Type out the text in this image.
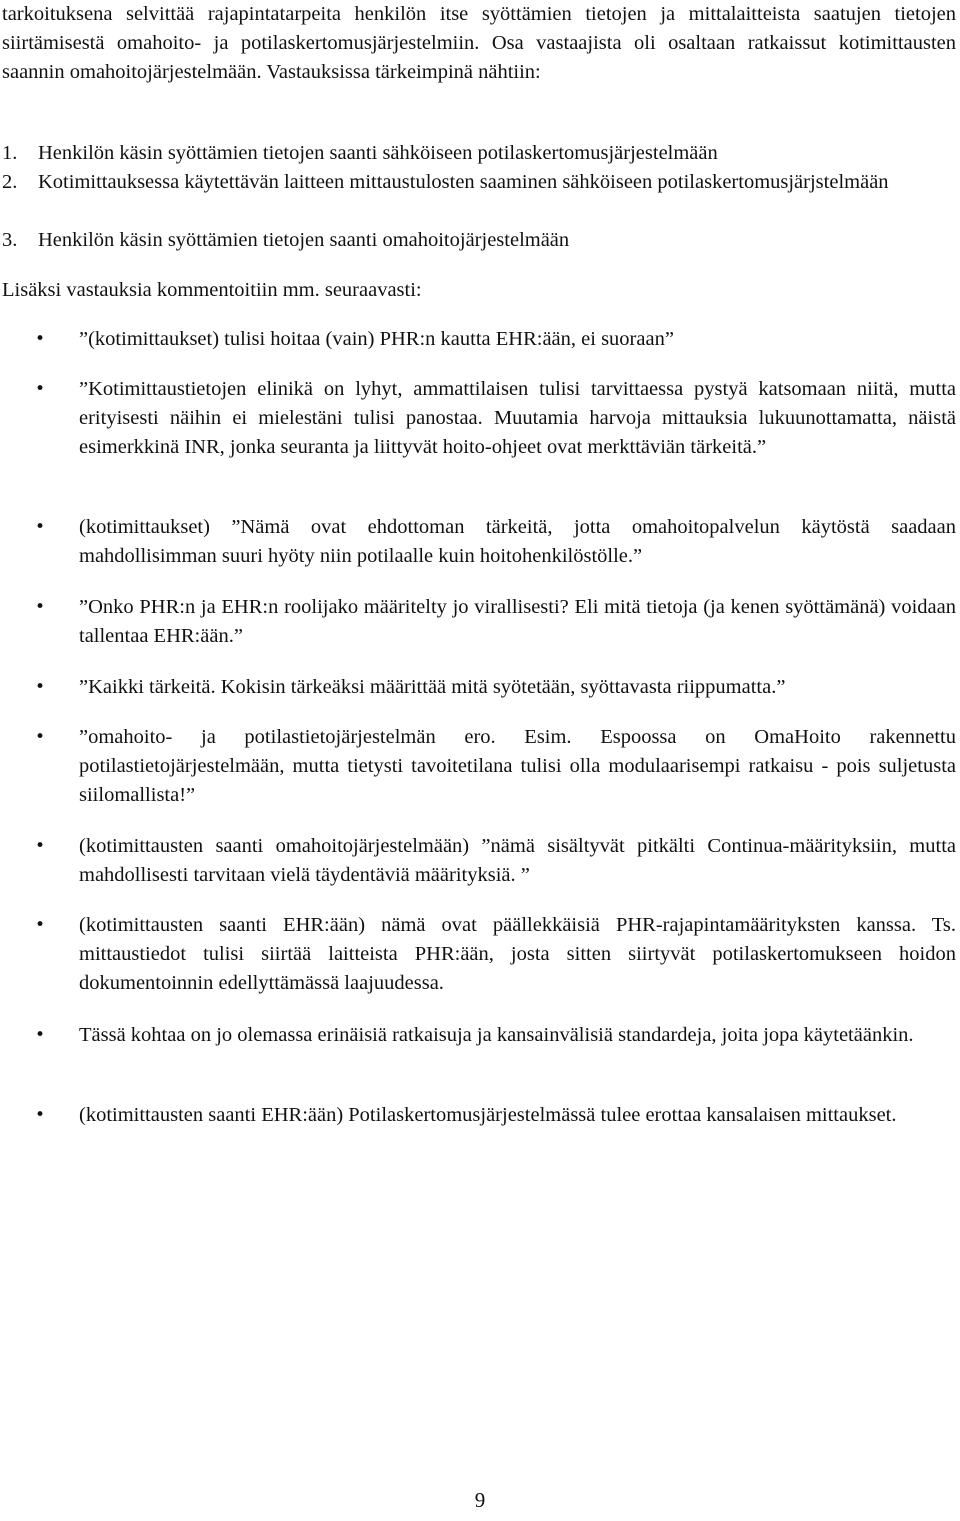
tarkoituksena selvittää rajapintatarpeita henkilön itse syöttämien tietojen ja mittalaitteista saatujen tietojen siirtämisestä omahoito- ja potilaskertomusjärjestelmiin. Osa vastaajista oli osaltaan ratkaissut kotimittausten saannin omahoitojärjestelmään. Vastauksissa tärkeimpinä nähtiin:

1. Henkilön käsin syöttämien tietojen saanti sähköiseen potilaskertomusjärjestelmään
2. Kotimittauksessa käytettävän laitteen mittaustulosten saaminen sähköiseen potilaskertomusjärjstelmään
3. Henkilön käsin syöttämien tietojen saanti omahoitojärjestelmään

Lisäksi vastauksia kommentoitiin mm. seuraavasti:

• ”(kotimittaukset) tulisi hoitaa (vain) PHR:n kautta EHR:ään, ei suoraan”
• ”Kotimittaustietojen elinikä on lyhyt, ammattilaisen tulisi tarvittaessa pystyä katsomaan niitä, mutta erityisesti näihin ei mielestäni tulisi panostaa. Muutamia harvoja mittauksia lukuunottamatta, näistä esimerkkinä INR, jonka seuranta ja liittyvät hoito-ohjeet ovat merkttäviän tärkeitä.”
• (kotimittaukset) ”Nämä ovat ehdottoman tärkeitä, jotta omahoitopalvelun käytöstä saadaan mahdollisimman suuri hyöty niin potilaalle kuin hoitohenkilöstölle.”
• ”Onko PHR:n ja EHR:n roolijako määritelty jo virallisesti? Eli mitä tietoja (ja kenen syöttämänä) voidaan tallentaa EHR:ään.”
• ”Kaikki tärkeitä. Kokisin tärkeäksi määrittää mitä syötetään, syöttavasta riippumatta.”
• ”omahoito- ja potilastietojärjestelmän ero. Esim. Espoossa on OmaHoito rakennettu potilastietojärjestelmään, mutta tietysti tavoitetilana tulisi olla modulaarisempi ratkaisu - pois suljetusta siilomallista!”
• (kotimittausten saanti omahoitojärjestelmään) ”nämä sisältyvät pitkälti Continua-määrityksiin, mutta mahdollisesti tarvitaan vielä täydentäviä määrityksiä. ”
• (kotimittausten saanti EHR:ään) nämä ovat päällekkäisiä PHR-rajapintamäärityksten kanssa. Ts. mittaustiedot tulisi siirtää laitteista PHR:ään, josta sitten siirtyvät potilaskertomukseen hoidon dokumentoinnin edellyttämässä laajuudessa.
• Tässä kohtaa on jo olemassa erinäisiä ratkaisuja ja kansainvälisiä standardeja, joita jopa käytetäänkin.
• (kotimittausten saanti EHR:ään) Potilaskertomusjärjestelmässä tulee erottaa kansalaisen mittaukset.
9
